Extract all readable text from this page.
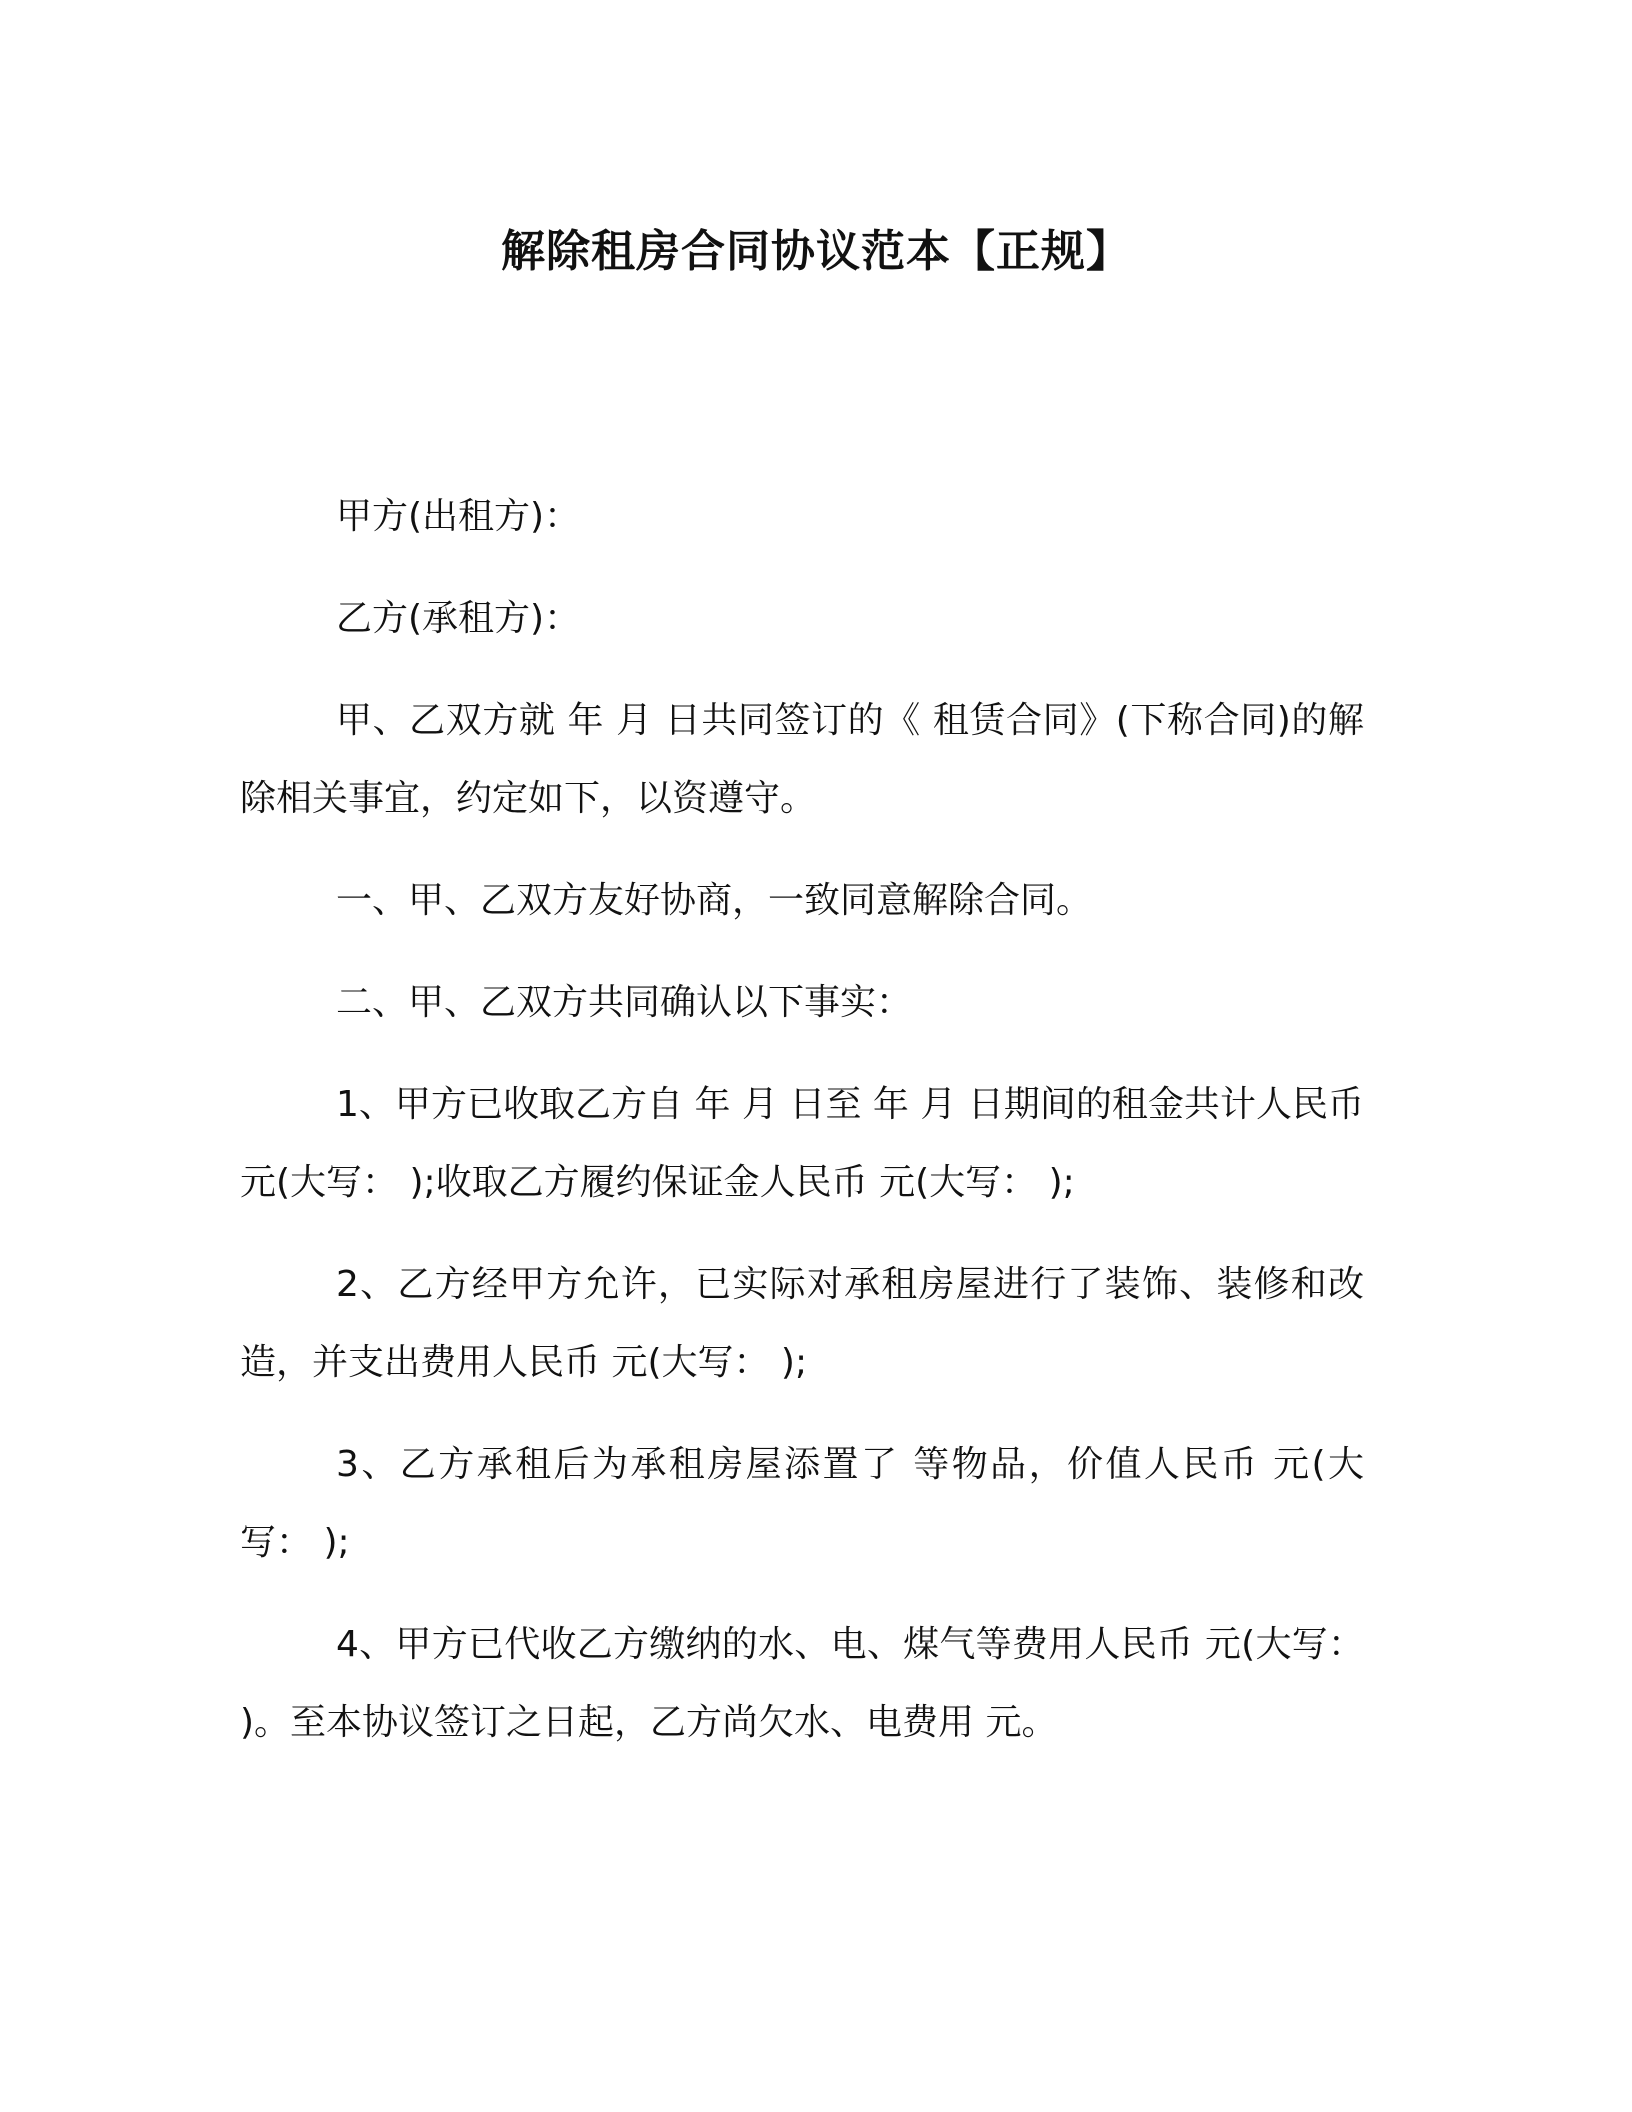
解除租房合同协议范本【正规】

甲方(出租方)：

乙方(承租方)：

甲、乙双方就 年 月 日共同签订的《 租赁合同》(下称合同)的解除相关事宜，约定如下，以资遵守。

一、甲、乙双方友好协商，一致同意解除合同。

二、甲、乙双方共同确认以下事实：

1、甲方已收取乙方自 年 月 日至 年 月 日期间的租金共计人民币 元(大写： );收取乙方履约保证金人民币 元(大写： );

2、乙方经甲方允许，已实际对承租房屋进行了装饰、装修和改造，并支出费用人民币 元(大写： );

3、乙方承租后为承租房屋添置了 等物品，价值人民币 元(大写： );

4、甲方已代收乙方缴纳的水、电、煤气等费用人民币 元(大写： )。至本协议签订之日起，乙方尚欠水、电费用 元。
